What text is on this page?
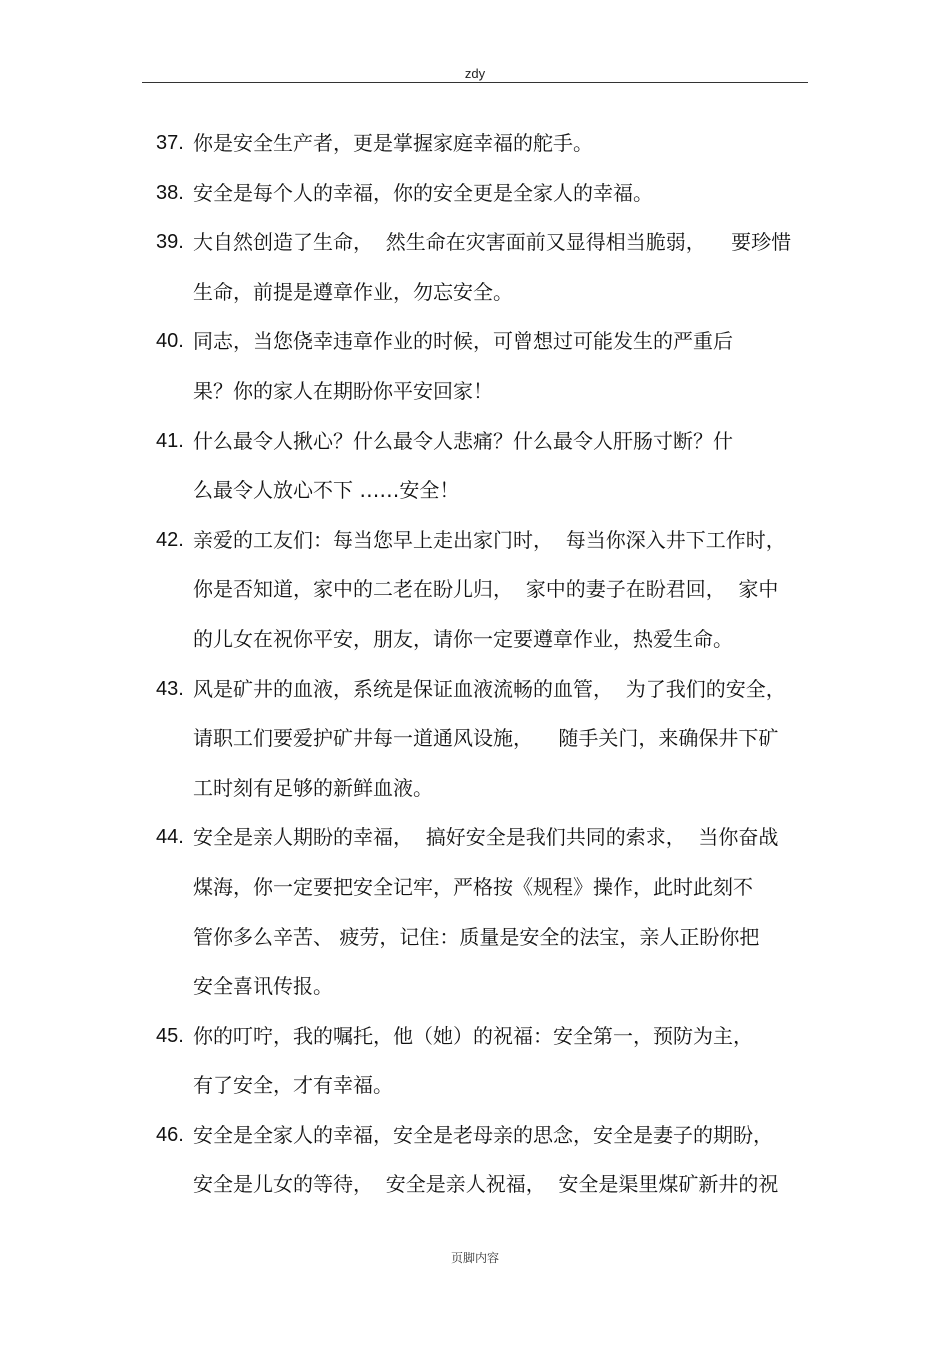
zdy
37. 你是安全生产者，更是掌握家庭幸福的舵手。
38. 安全是每个人的幸福，你的安全更是全家人的幸福。
39. 大自然创造了生命，  然生命在灾害面前又显得相当脆弱，    要珍惜
生命，前提是遵章作业，勿忘安全。
40. 同志，当您侥幸违章作业的时候，可曾想过可能发生的严重后
果？你的家人在期盼你平安回家！
41. 什么最令人揪心？什么最令人悲痛？什么最令人肝肠寸断？什
么最令人放心不下 ……安全！
42. 亲爱的工友们：每当您早上走出家门时，  每当你深入井下工作时，
你是否知道，家中的二老在盼儿归，  家中的妻子在盼君回，  家中
的儿女在祝你平安，朋友，请你一定要遵章作业，热爱生命。
43. 风是矿井的血液，系统是保证血液流畅的血管，  为了我们的安全，
请职工们要爱护矿井每一道通风设施，    随手关门，来确保井下矿
工时刻有足够的新鲜血液。
44. 安全是亲人期盼的幸福，  搞好安全是我们共同的索求，  当你奋战
煤海，你一定要把安全记牢，严格按《规程》操作，此时此刻不
管你多么辛苦、 疲劳，记住：质量是安全的法宝，亲人正盼你把
安全喜讯传报。
45. 你的叮咛，我的嘱托，他（她）的祝福：安全第一，预防为主，
有了安全，才有幸福。
46. 安全是全家人的幸福，安全是老母亲的思念，安全是妻子的期盼，
安全是儿女的等待，  安全是亲人祝福，  安全是渠里煤矿新井的祝
页脚内容
